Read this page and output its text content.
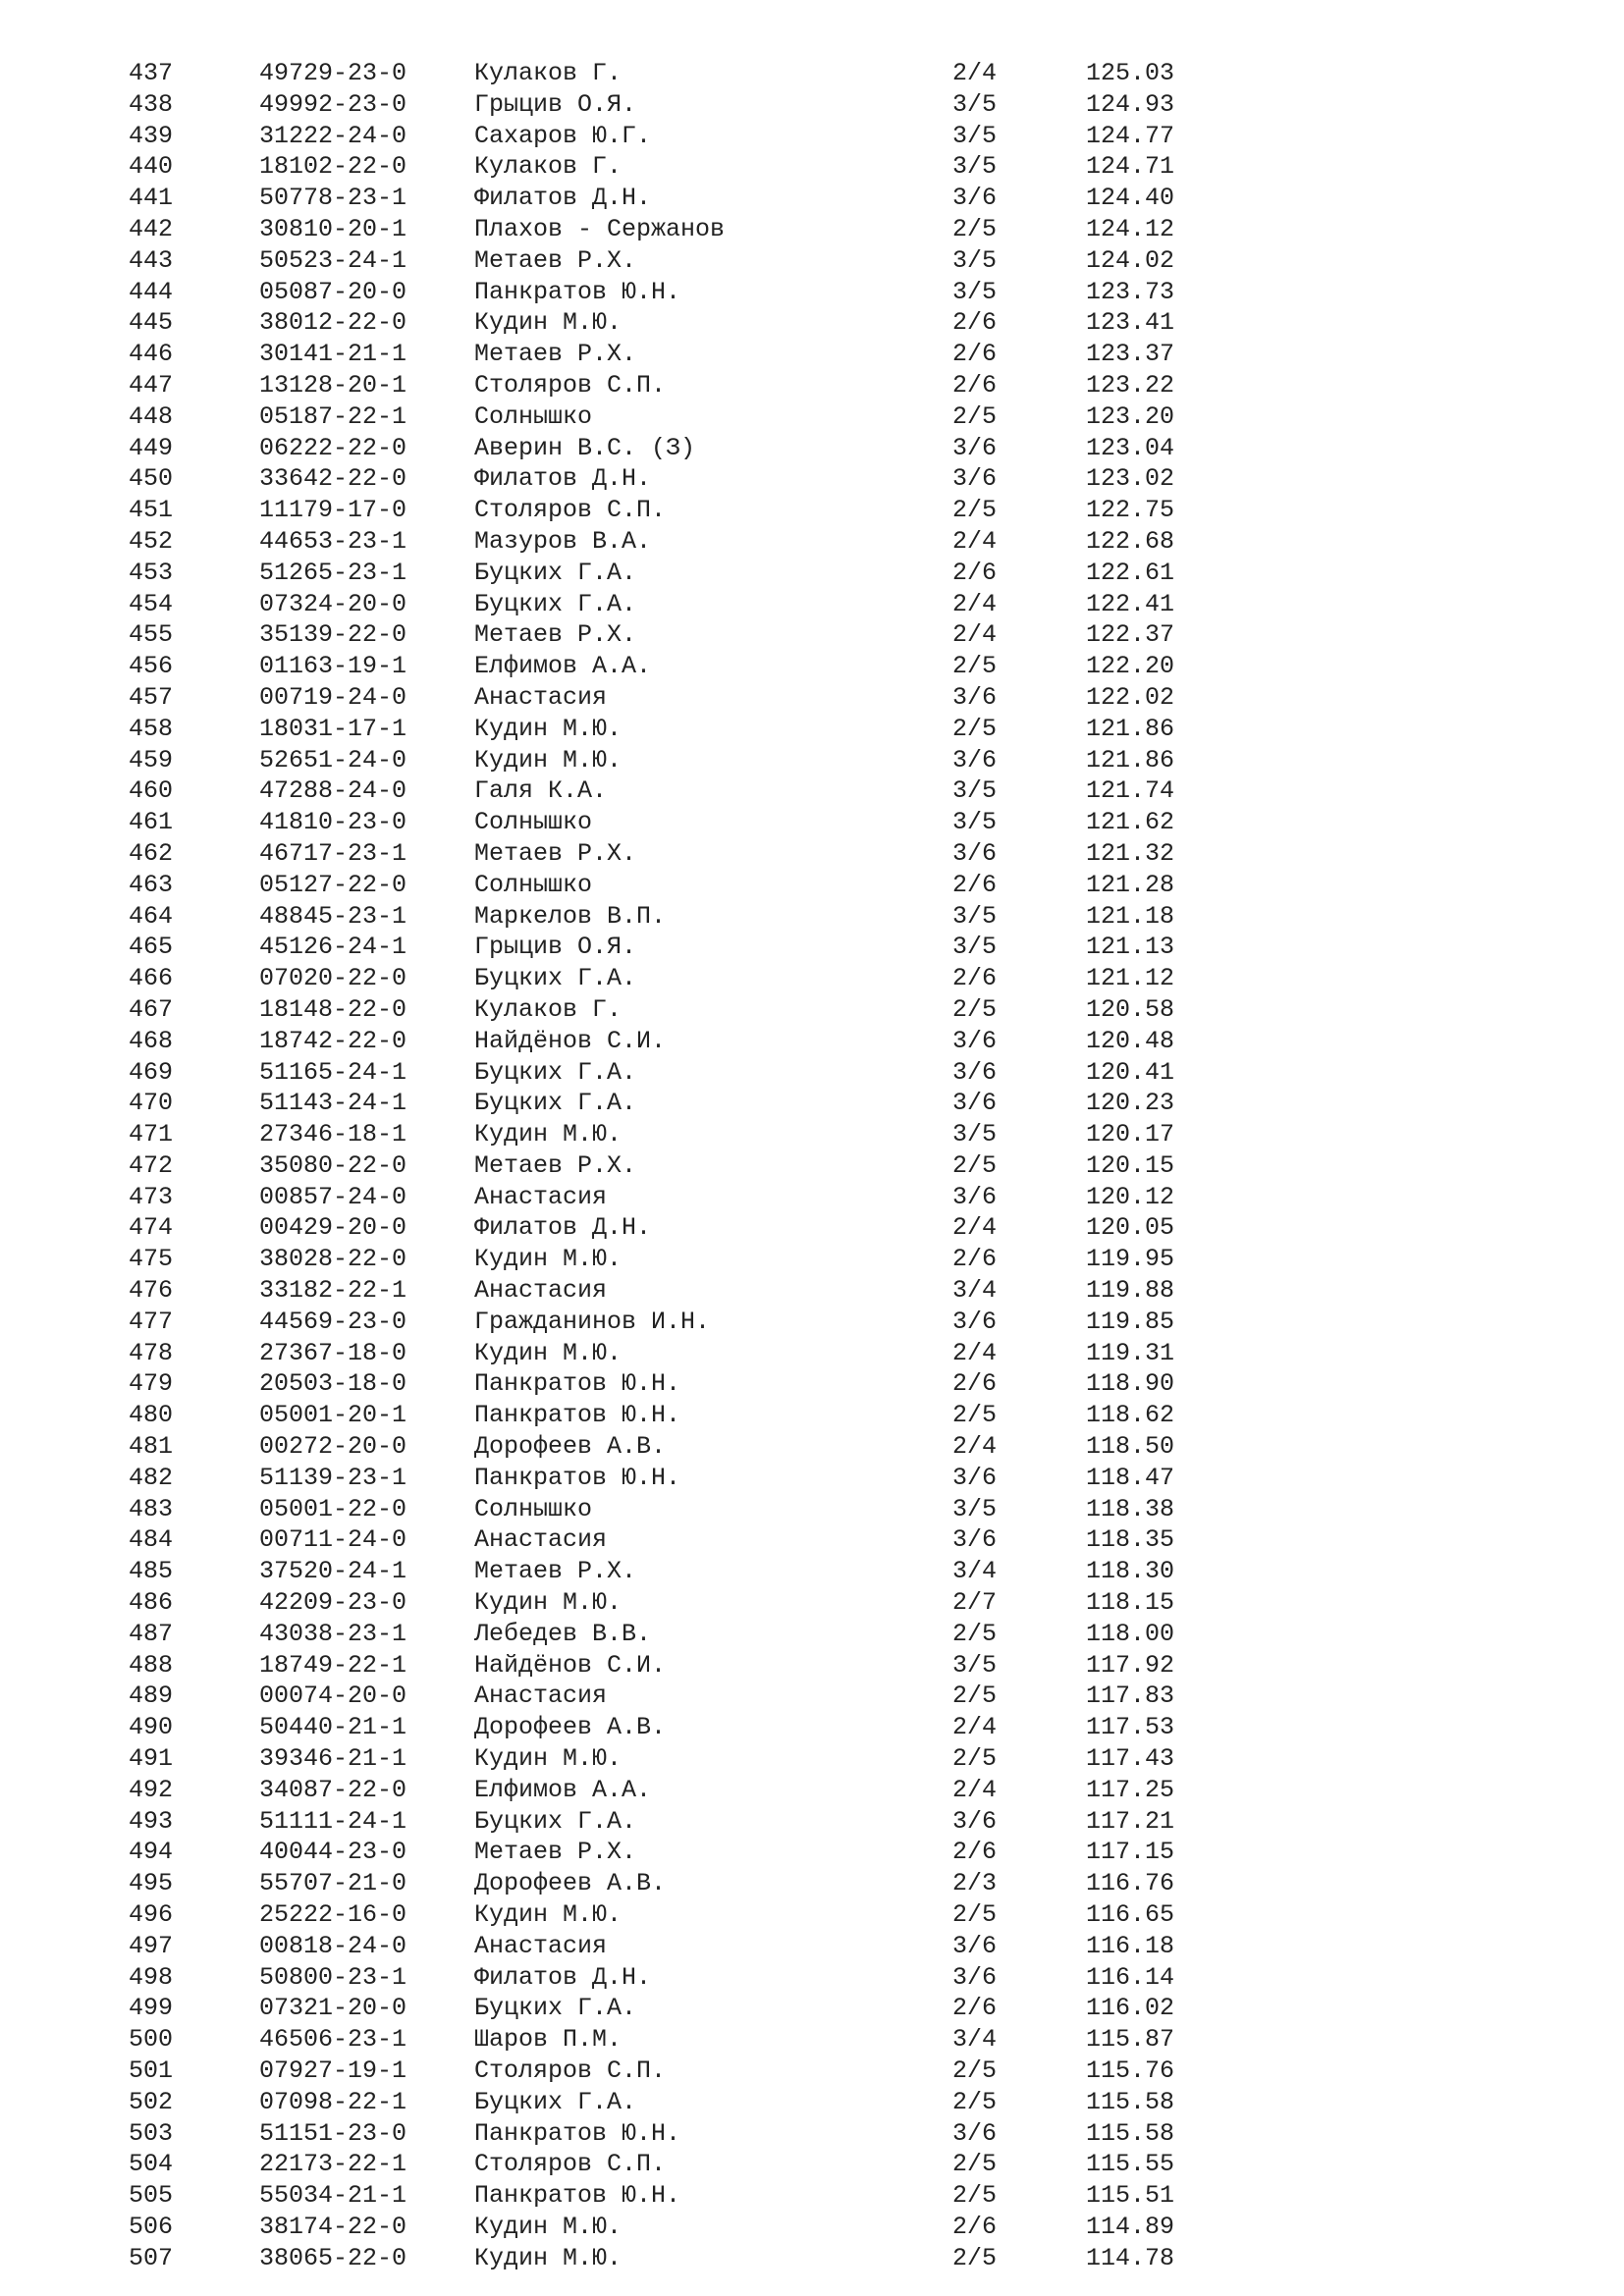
437	49729-23-0	Кулаков Г.	2/4	125.03
438	49992-23-0	Грыцив О.Я.	3/5	124.93
439	31222-24-0	Сахаров Ю.Г.	3/5	124.77
440	18102-22-0	Кулаков Г.	3/5	124.71
441	50778-23-1	Филатов Д.Н.	3/6	124.40
442	30810-20-1	Плахов - Сержанов	2/5	124.12
443	50523-24-1	Метаев Р.Х.	3/5	124.02
444	05087-20-0	Панкратов Ю.Н.	3/5	123.73
445	38012-22-0	Кудин М.Ю.	2/6	123.41
446	30141-21-1	Метаев Р.Х.	2/6	123.37
447	13128-20-1	Столяров С.П.	2/6	123.22
448	05187-22-1	Солнышко	2/5	123.20
449	06222-22-0	Аверин В.С. (З)	3/6	123.04
450	33642-22-0	Филатов Д.Н.	3/6	123.02
451	11179-17-0	Столяров С.П.	2/5	122.75
452	44653-23-1	Мазуров В.А.	2/4	122.68
453	51265-23-1	Буцких Г.А.	2/6	122.61
454	07324-20-0	Буцких Г.А.	2/4	122.41
455	35139-22-0	Метаев Р.Х.	2/4	122.37
456	01163-19-1	Елфимов А.А.	2/5	122.20
457	00719-24-0	Анастасия	3/6	122.02
458	18031-17-1	Кудин М.Ю.	2/5	121.86
459	52651-24-0	Кудин М.Ю.	3/6	121.86
460	47288-24-0	Галя К.А.	3/5	121.74
461	41810-23-0	Солнышко	3/5	121.62
462	46717-23-1	Метаев Р.Х.	3/6	121.32
463	05127-22-0	Солнышко	2/6	121.28
464	48845-23-1	Маркелов В.П.	3/5	121.18
465	45126-24-1	Грыцив О.Я.	3/5	121.13
466	07020-22-0	Буцких Г.А.	2/6	121.12
467	18148-22-0	Кулаков Г.	2/5	120.58
468	18742-22-0	Найдёнов С.И.	3/6	120.48
469	51165-24-1	Буцких Г.А.	3/6	120.41
470	51143-24-1	Буцких Г.А.	3/6	120.23
471	27346-18-1	Кудин М.Ю.	3/5	120.17
472	35080-22-0	Метаев Р.Х.	2/5	120.15
473	00857-24-0	Анастасия	3/6	120.12
474	00429-20-0	Филатов Д.Н.	2/4	120.05
475	38028-22-0	Кудин М.Ю.	2/6	119.95
476	33182-22-1	Анастасия	3/4	119.88
477	44569-23-0	Гражданинов И.Н.	3/6	119.85
478	27367-18-0	Кудин М.Ю.	2/4	119.31
479	20503-18-0	Панкратов Ю.Н.	2/6	118.90
480	05001-20-1	Панкратов Ю.Н.	2/5	118.62
481	00272-20-0	Дорофеев А.В.	2/4	118.50
482	51139-23-1	Панкратов Ю.Н.	3/6	118.47
483	05001-22-0	Солнышко	3/5	118.38
484	00711-24-0	Анастасия	3/6	118.35
485	37520-24-1	Метаев Р.Х.	3/4	118.30
486	42209-23-0	Кудин М.Ю.	2/7	118.15
487	43038-23-1	Лебедев В.В.	2/5	118.00
488	18749-22-1	Найдёнов С.И.	3/5	117.92
489	00074-20-0	Анастасия	2/5	117.83
490	50440-21-1	Дорофеев А.В.	2/4	117.53
491	39346-21-1	Кудин М.Ю.	2/5	117.43
492	34087-22-0	Елфимов А.А.	2/4	117.25
493	51111-24-1	Буцких Г.А.	3/6	117.21
494	40044-23-0	Метаев Р.Х.	2/6	117.15
495	55707-21-0	Дорофеев А.В.	2/3	116.76
496	25222-16-0	Кудин М.Ю.	2/5	116.65
497	00818-24-0	Анастасия	3/6	116.18
498	50800-23-1	Филатов Д.Н.	3/6	116.14
499	07321-20-0	Буцких Г.А.	2/6	116.02
500	46506-23-1	Шаров П.М.	3/4	115.87
501	07927-19-1	Столяров С.П.	2/5	115.76
502	07098-22-1	Буцких Г.А.	2/5	115.58
503	51151-23-0	Панкратов Ю.Н.	3/6	115.58
504	22173-22-1	Столяров С.П.	2/5	115.55
505	55034-21-1	Панкратов Ю.Н.	2/5	115.51
506	38174-22-0	Кудин М.Ю.	2/6	114.89
507	38065-22-0	Кудин М.Ю.	2/5	114.78
